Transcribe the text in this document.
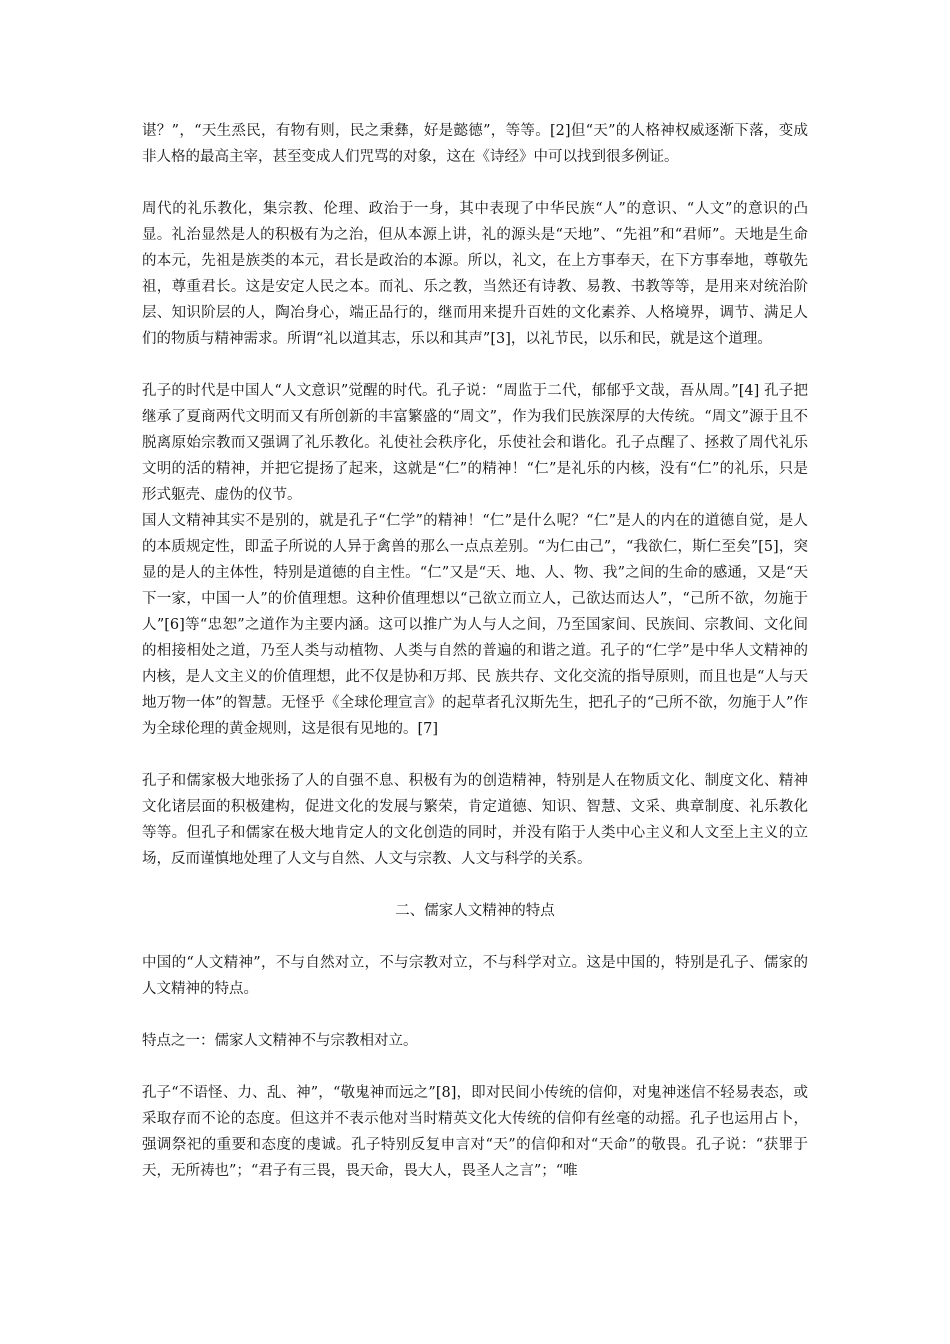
谌？”，“天生烝民，有物有则，民之秉彝，好是懿德”，等等。[2]但“天”的人格神权威逐渐下落，变成非人格的最高主宰，甚至变成人们咒骂的对象，这在《诗经》中可以找到很多例证。

周代的礼乐教化，集宗教、伦理、政治于一身，其中表现了中华民族“人”的意识、“人文”的意识的凸显。礼治显然是人的积极有为之治，但从本源上讲，礼的源头是“天地”、“先祖”和“君师”。天地是生命的本元，先祖是族类的本元，君长是政治的本源。所以，礼文，在上方事奉天，在下方事奉地，尊敬先祖，尊重君长。这是安定人民之本。而礼、乐之教，当然还有诗教、易教、书教等等，是用来对统治阶层、知识阶层的人，陶冶身心，端正品行的，继而用来提升百姓的文化素养、人格境界，调节、满足人们的物质与精神需求。所谓“礼以道其志，乐以和其声”[3]，以礼节民，以乐和民，就是这个道理。

孔子的时代是中国人“人文意识”觉醒的时代。孔子说：“周监于二代，郁郁乎文哉，吾从周。”[4] 孔子把继承了夏商两代文明而又有所创新的丰富繁盛的“周文”，作为我们民族深厚的大传统。“周文”源于且不脱离原始宗教而又强调了礼乐教化。礼使社会秩序化，乐使社会和谐化。孔子点醒了、拯救了周代礼乐文明的活的精神，并把它提扬了起来，这就是“仁”的精神！“仁”是礼乐的内核，没有“仁”的礼乐，只是形式躯壳、虚伪的仪节。

国人文精神其实不是别的，就是孔子“仁学”的精神！“仁”是什么呢？“仁”是人的内在的道德自觉，是人的本质规定性，即孟子所说的人异于禽兽的那么一点点差别。“为仁由己”，“我欲仁，斯仁至矣”[5]，突显的是人的主体性，特别是道德的自主性。“仁”又是“天、地、人、物、我”之间的生命的感通，又是“天下一家，中国一人”的价值理想。这种价值理想以“己欲立而立人，己欲达而达人”，“己所不欲，勿施于人”[6]等“忠恕”之道作为主要内涵。这可以推广为人与人之间，乃至国家间、民族间、宗教间、文化间的相接相处之道，乃至人类与动植物、人类与自然的普遍的和谐之道。孔子的“仁学”是中华人文精神的内核，是人文主义的价值理想，此不仅是协和万邦、民 族共存、文化交流的指导原则，而且也是“人与天地万物一体”的智慧。无怪乎《全球伦理宣言》的起草者孔汉斯先生，把孔子的“己所不欲，勿施于人”作为全球伦理的黄金规则，这是很有见地的。[7]

孔子和儒家极大地张扬了人的自强不息、积极有为的创造精神，特别是人在物质文化、制度文化、精神文化诸层面的积极建构，促进文化的发展与繁荣，肯定道德、知识、智慧、文采、典章制度、礼乐教化等等。但孔子和儒家在极大地肯定人的文化创造的同时，并没有陷于人类中心主义和人文至上主义的立场，反而谨慎地处理了人文与自然、人文与宗教、人文与科学的关系。

二、儒家人文精神的特点

中国的“人文精神”，不与自然对立，不与宗教对立，不与科学对立。这是中国的，特别是孔子、儒家的人文精神的特点。

特点之一：儒家人文精神不与宗教相对立。

孔子“不语怪、力、乱、神”，“敬鬼神而远之”[8]，即对民间小传统的信仰，对鬼神迷信不轻易表态，或采取存而不论的态度。但这并不表示他对当时精英文化大传统的信仰有丝毫的动摇。孔子也运用占卜，强调祭祀的重要和态度的虔诚。孔子特别反复申言对“天”的信仰和对“天命”的敬畏。孔子说：“获罪于天，无所祷也”；“君子有三畏，畏天命，畏大人，畏圣人之言”；“唯
